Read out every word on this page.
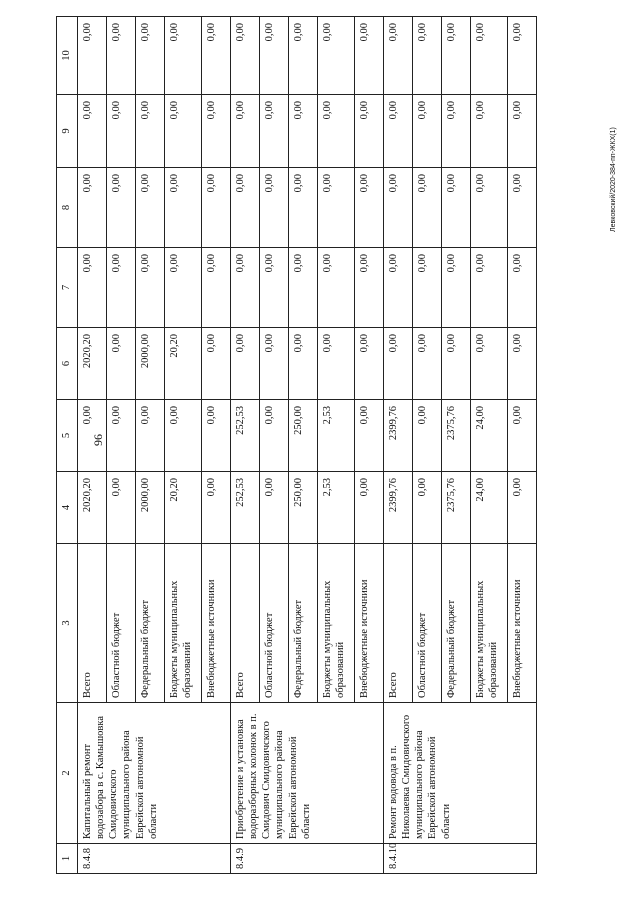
96
Левковский/2020-384-пп-ЖКХ(1)
1	2	3	4	5	6	7	8	9	10
8.4.8	Капитальный ремонт водозабора в с. Камышовка Смидовичского муниципального района Еврейской автономной области	Всего	2020,20	0,00	2020,20	0,00	0,00	0,00	0,00
		Областной бюджет	0,00	0,00	0,00	0,00	0,00	0,00	0,00
		Федеральный бюджет	2000,00	0,00	2000,00	0,00	0,00	0,00	0,00
		Бюджеты муниципальных образований	20,20	0,00	20,20	0,00	0,00	0,00	0,00
		Внебюджетные источники	0,00	0,00	0,00	0,00	0,00	0,00	0,00
8.4.9	Приобретение и установка водоразборных колонок в п. Смидович Смидовичского муниципального района Еврейской автономной области	Всего	252,53	252,53	0,00	0,00	0,00	0,00	0,00
		Областной бюджет	0,00	0,00	0,00	0,00	0,00	0,00	0,00
		Федеральный бюджет	250,00	250,00	0,00	0,00	0,00	0,00	0,00
		Бюджеты муниципальных образований	2,53	2,53	0,00	0,00	0,00	0,00	0,00
		Внебюджетные источники	0,00	0,00	0,00	0,00	0,00	0,00	0,00
8.4.10	Ремонт водовода в п. Николаевка Смидовичского муниципального района Еврейской автономной области	Всего	2399,76	2399,76	0,00	0,00	0,00	0,00	0,00
		Областной бюджет	0,00	0,00	0,00	0,00	0,00	0,00	0,00
		Федеральный бюджет	2375,76	2375,76	0,00	0,00	0,00	0,00	0,00
		Бюджеты муниципальных образований	24,00	24,00	0,00	0,00	0,00	0,00	0,00
		Внебюджетные источники	0,00	0,00	0,00	0,00	0,00	0,00	0,00
